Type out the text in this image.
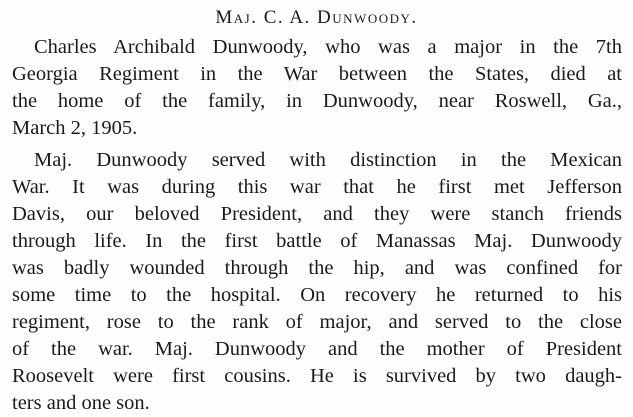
Maj. C. A. Dunwoody.
Charles Archibald Dunwoody, who was a major in the 7th
Georgia Regiment in the War between the States, died at
the home of the family, in Dunwoody, near Roswell, Ga.,
March 2, 1905.
Maj. Dunwoody served with distinction in the Mexican
War. It was during this war that he first met Jefferson
Davis, our beloved President, and they were stanch friends
through life. In the first battle of Manassas Maj. Dunwoody
was badly wounded through the hip, and was confined for
some time to the hospital. On recovery he returned to his
regiment, rose to the rank of major, and served to the close
of the war. Maj. Dunwoody and the mother of President
Roosevelt were first cousins. He is survived by two daugh-
ters and one son.
